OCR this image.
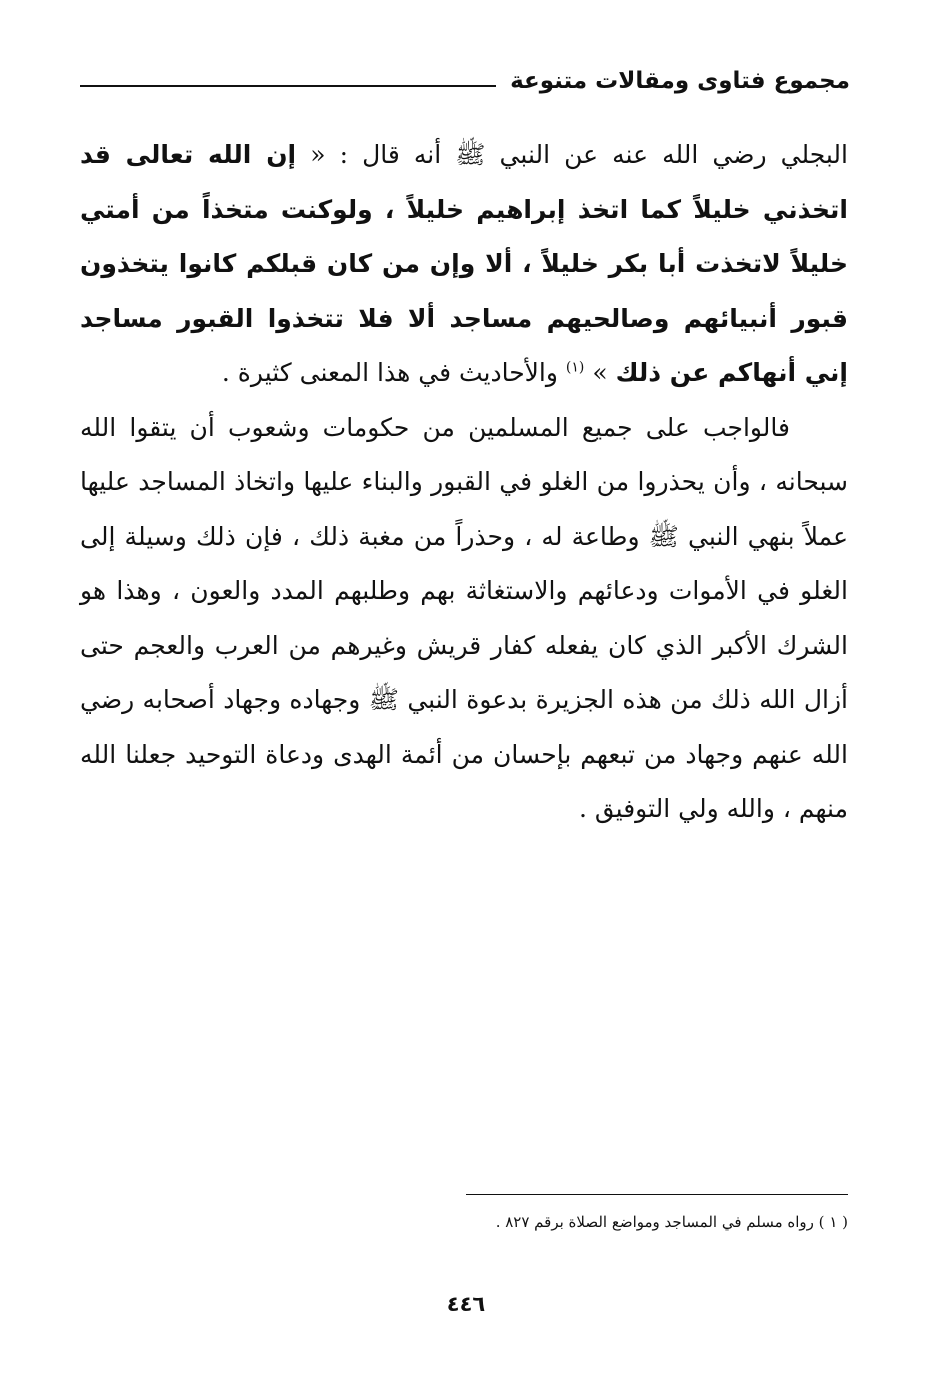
مجموع فتاوى ومقالات متنوعة

البجلي رضي الله عنه عن النبي ﷺ أنه قال : « إن الله تعالى قد اتخذني خليلاً كما اتخذ إبراهيم خليلاً ، ولوكنت متخذاً من أمتي خليلاً لاتخذت أبا بكر خليلاً ، ألا وإن من كان قبلكم كانوا يتخذون قبور أنبيائهم وصالحيهم مساجد ألا فلا تتخذوا القبور مساجد إني أنهاكم عن ذلك » $^{(١)}$ والأحاديث في هذا المعنى كثيرة .

فالواجب على جميع المسلمين من حكومات وشعوب أن يتقوا الله سبحانه ، وأن يحذروا من الغلو في القبور والبناء عليها واتخاذ المساجد عليها عملاً بنهي النبي ﷺ وطاعة له ، وحذراً من مغبة ذلك ، فإن ذلك وسيلة إلى الغلو في الأموات ودعائهم والاستغاثة بهم وطلبهم المدد والعون ، وهذا هو الشرك الأكبر الذي كان يفعله كفار قريش وغيرهم من العرب والعجم حتى أزال الله ذلك من هذه الجزيرة بدعوة النبي ﷺ وجهاده وجهاد أصحابه رضي الله عنهم وجهاد من تبعهم بإحسان من أئمة الهدى ودعاة التوحيد جعلنا الله منهم ، والله ولي التوفيق .

( ١ ) رواه مسلم في المساجد ومواضع الصلاة برقم ٨٢٧ .
٤٤٦
